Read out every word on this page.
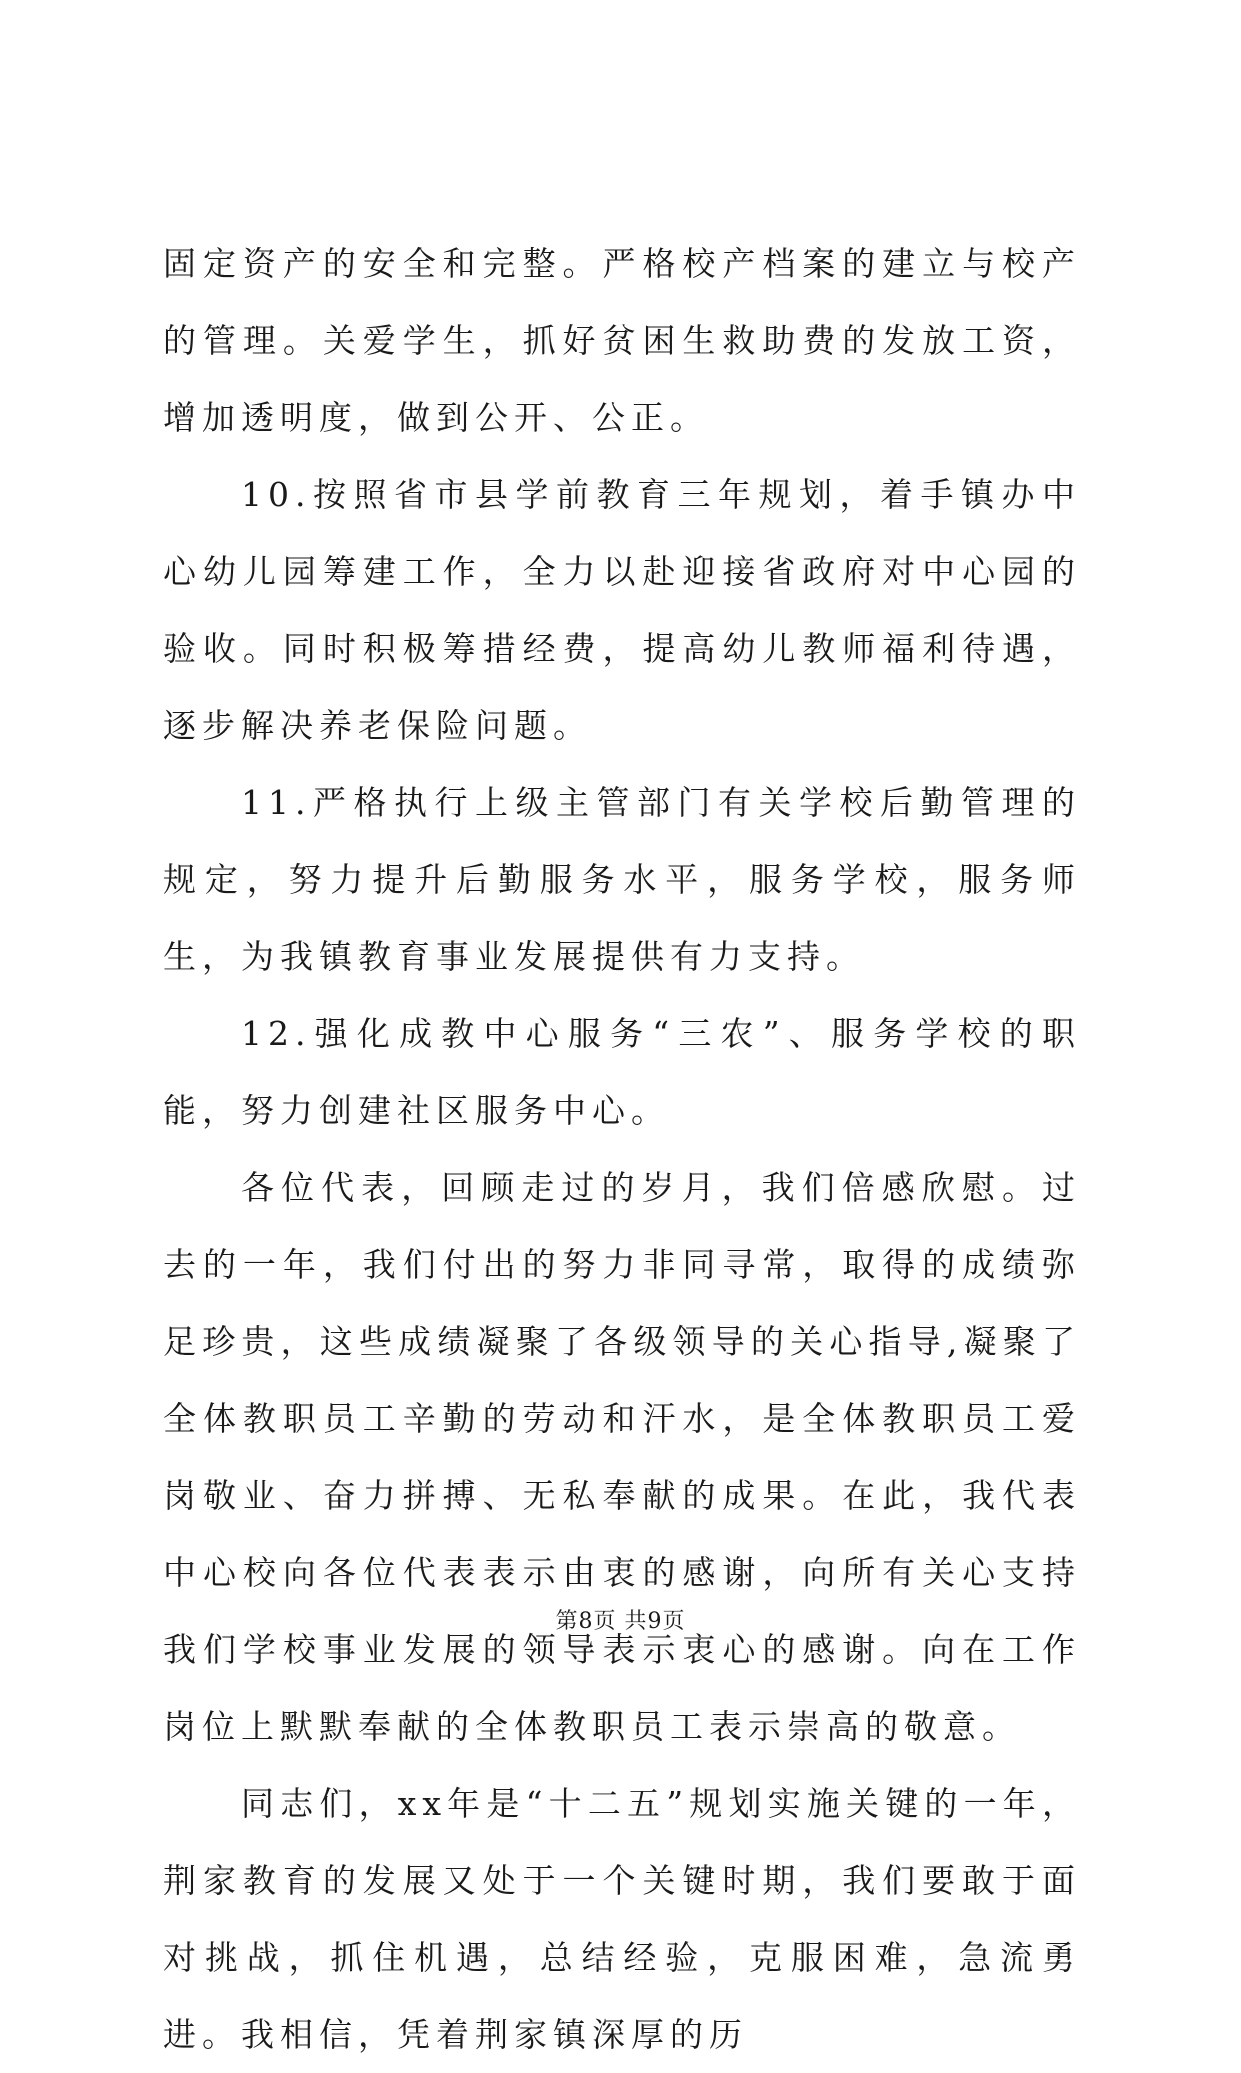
固定资产的安全和完整。严格校产档案的建立与校产的管理。关爱学生，抓好贫困生救助费的发放工资，增加透明度，做到公开、公正。

10.按照省市县学前教育三年规划，着手镇办中心幼儿园筹建工作，全力以赴迎接省政府对中心园的验收。同时积极筹措经费，提高幼儿教师福利待遇，逐步解决养老保险问题。

11.严格执行上级主管部门有关学校后勤管理的规定，努力提升后勤服务水平，服务学校，服务师生，为我镇教育事业发展提供有力支持。

12.强化成教中心服务“三农”、服务学校的职能，努力创建社区服务中心。

各位代表，回顾走过的岁月，我们倍感欣慰。过去的一年，我们付出的努力非同寻常，取得的成绩弥足珍贵，这些成绩凝聚了各级领导的关心指导,凝聚了全体教职员工辛勤的劳动和汗水，是全体教职员工爱岗敬业、奋力拼搏、无私奉献的成果。在此，我代表中心校向各位代表表示由衷的感谢，向所有关心支持我们学校事业发展的领导表示衷心的感谢。向在工作岗位上默默奉献的全体教职员工表示崇高的敬意。

同志们，xx年是“十二五”规划实施关键的一年，荆家教育的发展又处于一个关键时期，我们要敢于面对挑战，抓住机遇，总结经验，克服困难，急流勇进。我相信，凭着荆家镇深厚的历

第8页 共9页
